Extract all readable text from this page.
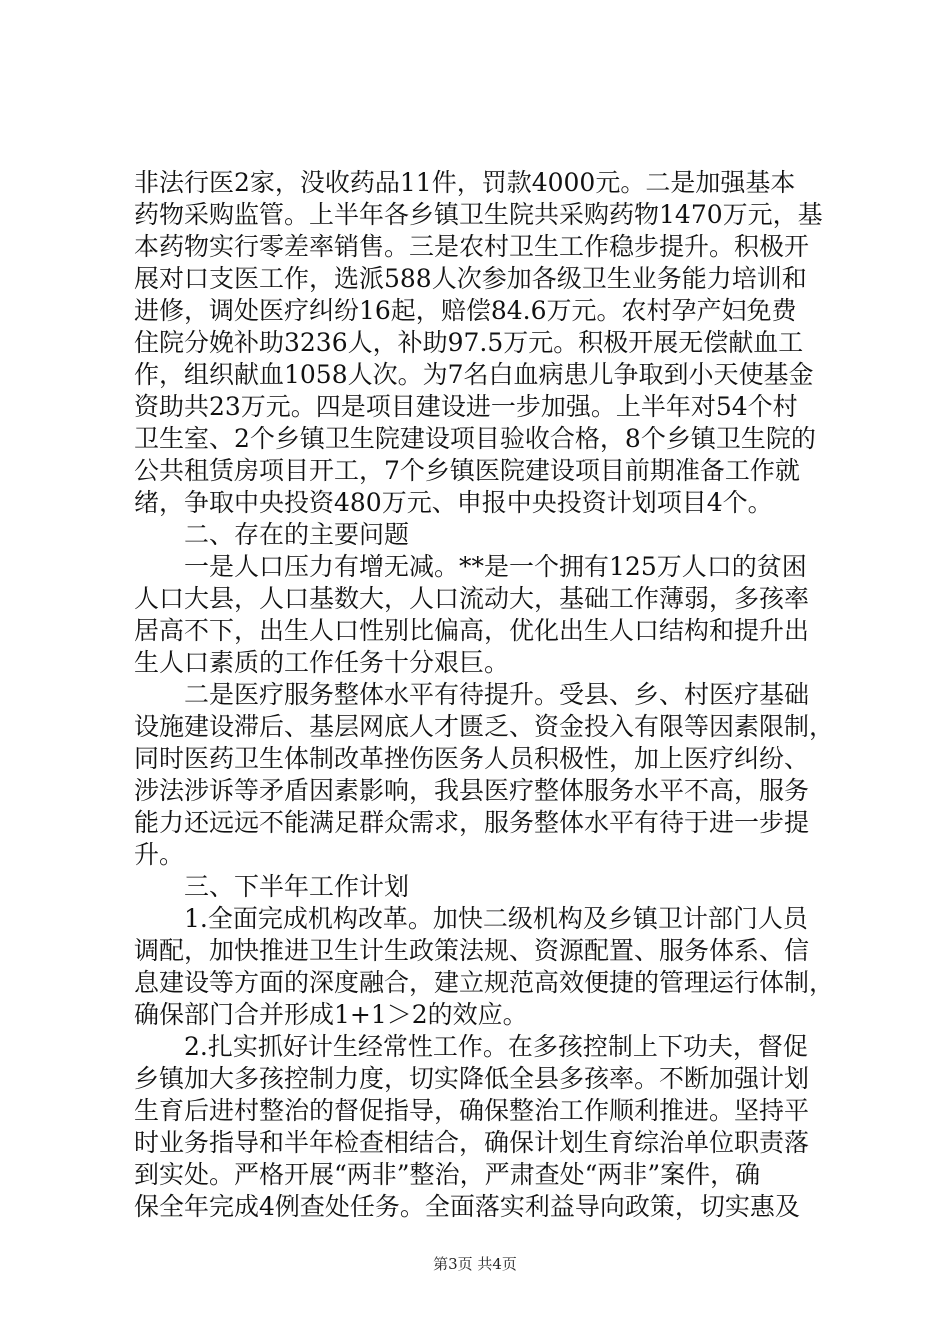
非法行医2家，没收药品11件，罚款4000元。二是加强基本
药物采购监管。上半年各乡镇卫生院共采购药物1470万元，基
本药物实行零差率销售。三是农村卫生工作稳步提升。积极开
展对口支医工作，选派588人次参加各级卫生业务能力培训和
进修，调处医疗纠纷16起，赔偿84.6万元。农村孕产妇免费
住院分娩补助3236人，补助97.5万元。积极开展无偿献血工
作，组织献血1058人次。为7名白血病患儿争取到小天使基金
资助共23万元。四是项目建设进一步加强。上半年对54个村
卫生室、2个乡镇卫生院建设项目验收合格，8个乡镇卫生院的
公共租赁房项目开工，7个乡镇医院建设项目前期准备工作就
绪，争取中央投资480万元、申报中央投资计划项目4个。
二、存在的主要问题
一是人口压力有增无减。**是一个拥有125万人口的贫困
人口大县，人口基数大，人口流动大，基础工作薄弱，多孩率
居高不下，出生人口性别比偏高，优化出生人口结构和提升出
生人口素质的工作任务十分艰巨。
二是医疗服务整体水平有待提升。受县、乡、村医疗基础
设施建设滞后、基层网底人才匮乏、资金投入有限等因素限制，
同时医药卫生体制改革挫伤医务人员积极性，加上医疗纠纷、
涉法涉诉等矛盾因素影响，我县医疗整体服务水平不高，服务
能力还远远不能满足群众需求，服务整体水平有待于进一步提
升。
三、下半年工作计划
1.全面完成机构改革。加快二级机构及乡镇卫计部门人员
调配，加快推进卫生计生政策法规、资源配置、服务体系、信
息建设等方面的深度融合，建立规范高效便捷的管理运行体制，
确保部门合并形成1+1＞2的效应。
2.扎实抓好计生经常性工作。在多孩控制上下功夫，督促
乡镇加大多孩控制力度，切实降低全县多孩率。不断加强计划
生育后进村整治的督促指导，确保整治工作顺利推进。坚持平
时业务指导和半年检查相结合，确保计划生育综治单位职责落
到实处。严格开展“两非”整治，严肃查处“两非”案件，确
保全年完成4例查处任务。全面落实利益导向政策，切实惠及
第3页 共4页
